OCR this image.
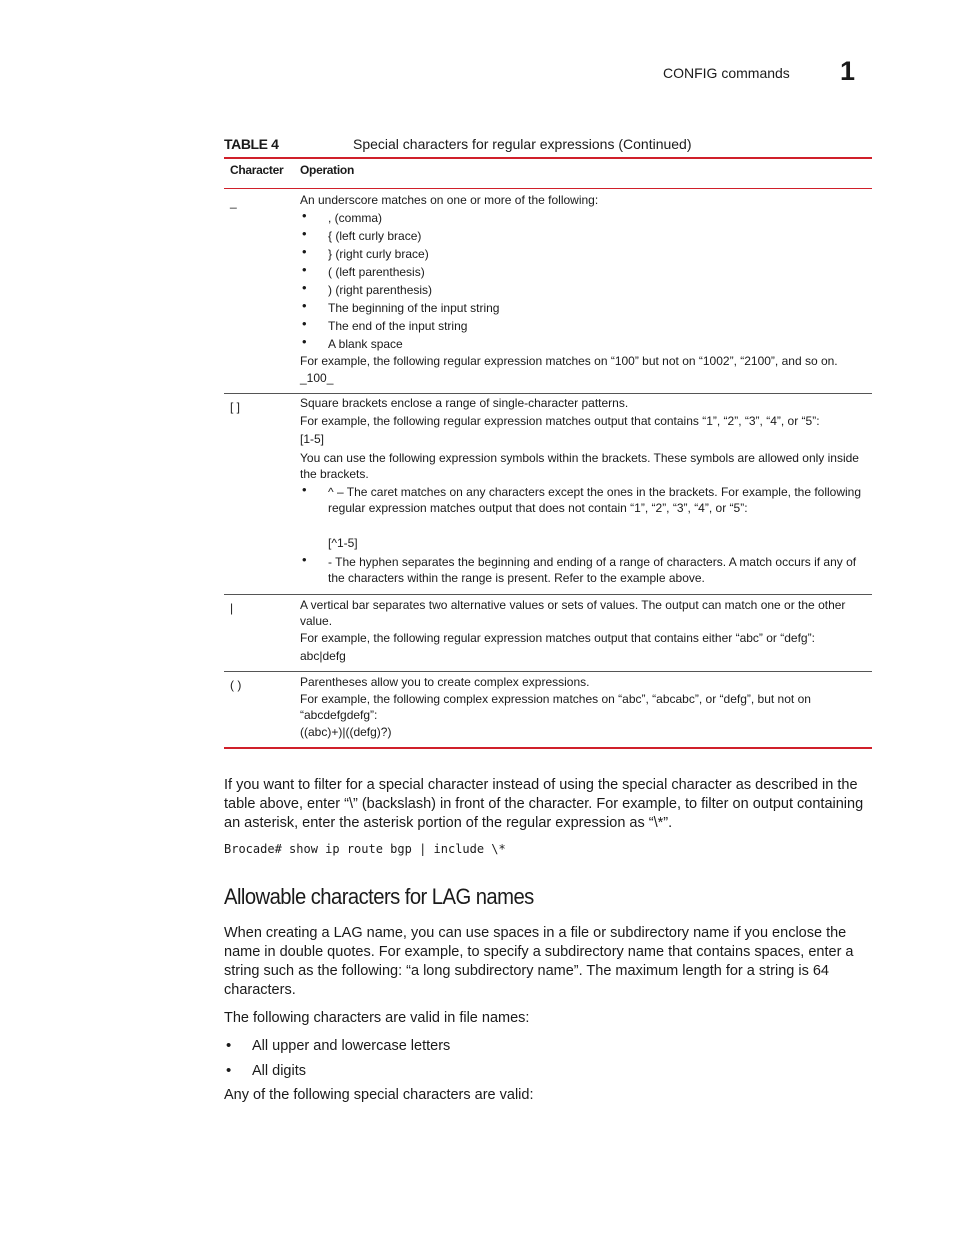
CONFIG commands 1
TABLE 4	Special characters for regular expressions (Continued)
Character Operation
_	An underscore matches on one or more of the following:
• , (comma)
• { (left curly brace)
• } (right curly brace)
• ( (left parenthesis)
• ) (right parenthesis)
• The beginning of the input string
• The end of the input string
• A blank space
For example, the following regular expression matches on “100” but not on “1002”, “2100”, and so on.
_100_
[ ]	Square brackets enclose a range of single-character patterns.
For example, the following regular expression matches output that contains “1”, “2”, “3”, “4”, or “5”:
[1-5]
You can use the following expression symbols within the brackets. These symbols are allowed only inside the brackets.
• ^ – The caret matches on any characters except the ones in the brackets. For example, the following regular expression matches output that does not contain “1”, “2”, “3”, “4”, or “5”:
[^1-5]
• - The hyphen separates the beginning and ending of a range of characters. A match occurs if any of the characters within the range is present. Refer to the example above.
|	A vertical bar separates two alternative values or sets of values. The output can match one or the other value.
For example, the following regular expression matches output that contains either “abc” or “defg”:
abc|defg
( )	Parentheses allow you to create complex expressions.
For example, the following complex expression matches on “abc”, “abcabc”, or “defg”, but not on “abcdefgdefg”:
((abc)+)|((defg)?)
If you want to filter for a special character instead of using the special character as described in the table above, enter “\” (backslash) in front of the character. For example, to filter on output containing an asterisk, enter the asterisk portion of the regular expression as “\*”.
Brocade# show ip route bgp | include \*
Allowable characters for LAG names
When creating a LAG name, you can use spaces in a file or subdirectory name if you enclose the name in double quotes. For example, to specify a subdirectory name that contains spaces, enter a string such as the following: “a long subdirectory name”. The maximum length for a string is 64 characters.
The following characters are valid in file names:
• All upper and lowercase letters
• All digits
Any of the following special characters are valid:
